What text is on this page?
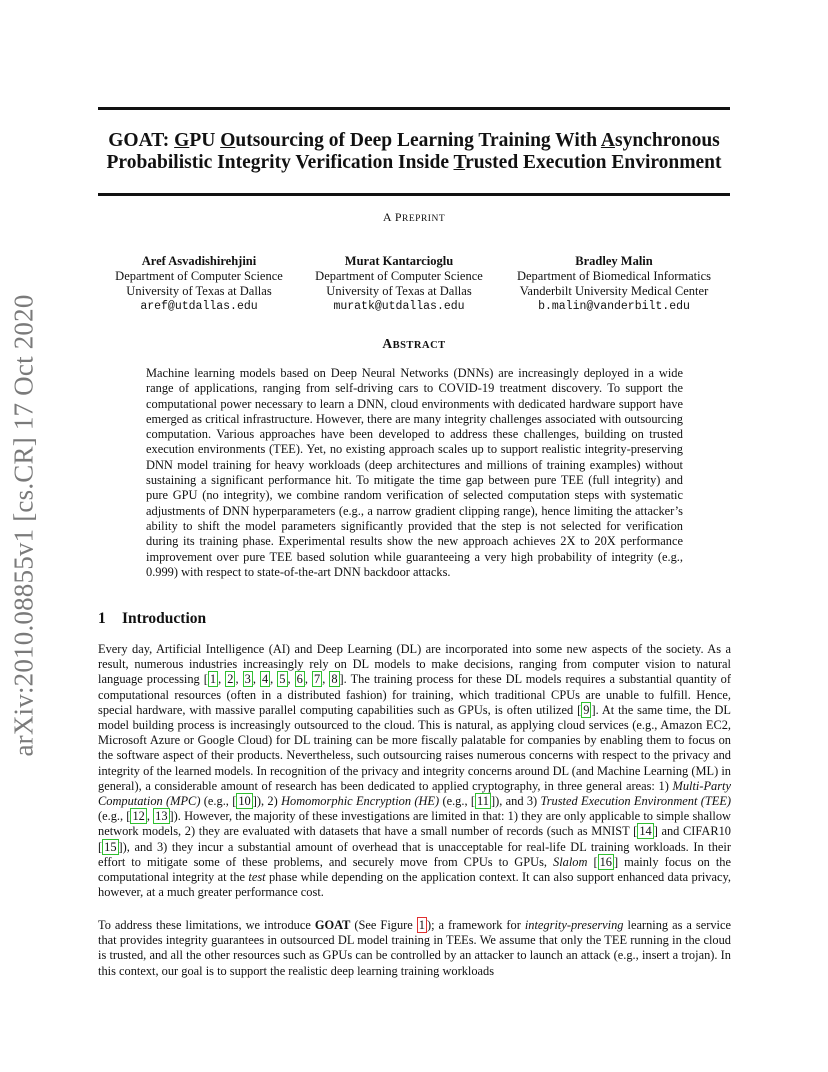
arXiv:2010.08855v1 [cs.CR] 17 Oct 2020
GOAT: GPU Outsourcing of Deep Learning Training With Asynchronous
Probabilistic Integrity Verification Inside Trusted Execution Environment
A PREPRINT
Aref Asvadishirehjini
Department of Computer Science
University of Texas at Dallas
aref@utdallas.edu
Murat Kantarcioglu
Department of Computer Science
University of Texas at Dallas
muratk@utdallas.edu
Bradley Malin
Department of Biomedical Informatics
Vanderbilt University Medical Center
b.malin@vanderbilt.edu
ABSTRACT
Machine learning models based on Deep Neural Networks (DNNs) are increasingly deployed in a wide range of applications, ranging from self-driving cars to COVID-19 treatment discovery. To support the computational power necessary to learn a DNN, cloud environments with dedicated hardware support have emerged as critical infrastructure. However, there are many integrity challenges associated with outsourcing computation. Various approaches have been developed to address these challenges, building on trusted execution environments (TEE). Yet, no existing approach scales up to support realistic integrity-preserving DNN model training for heavy workloads (deep architectures and millions of training examples) without sustaining a significant performance hit. To mitigate the time gap between pure TEE (full integrity) and pure GPU (no integrity), we combine random verification of selected computation steps with systematic adjustments of DNN hyperparameters (e.g., a narrow gradient clipping range), hence limiting the attacker’s ability to shift the model parameters significantly provided that the step is not selected for verification during its training phase. Experimental results show the new approach achieves 2X to 20X performance improvement over pure TEE based solution while guaranteeing a very high probability of integrity (e.g., 0.999) with respect to state-of-the-art DNN backdoor attacks.
1 Introduction
Every day, Artificial Intelligence (AI) and Deep Learning (DL) are incorporated into some new aspects of the society. As a result, numerous industries increasingly rely on DL models to make decisions, ranging from computer vision to natural language processing [ 1 , 2 , 3 , 4 , 5 , 6 , 7 , 8 ]. The training process for these DL models requires a substantial quantity of computational resources (often in a distributed fashion) for training, which traditional CPUs are unable to fulfill. Hence, special hardware, with massive parallel computing capabilities such as GPUs, is often utilized [ 9 ]. At the same time, the DL model building process is increasingly outsourced to the cloud. This is natural, as applying cloud services (e.g., Amazon EC2, Microsoft Azure or Google Cloud) for DL training can be more fiscally palatable for companies by enabling them to focus on the software aspect of their products. Nevertheless, such outsourcing raises numerous concerns with respect to the privacy and integrity of the learned models. In recognition of the privacy and integrity concerns around DL (and Machine Learning (ML) in general), a considerable amount of research has been dedicated to applied cryptography, in three general areas: 1) Multi-Party Computation (MPC) (e.g., [ 10 ]), 2) Homomorphic Encryption (HE) (e.g., [ 11 ]), and 3) Trusted Execution Environment (TEE) (e.g., [ 12 , 13 ]). However, the majority of these investigations are limited in that: 1) they are only applicable to simple shallow network models, 2) they are evaluated with datasets that have a small number of records (such as MNIST [ 14 ] and CIFAR10 [ 15 ]), and 3) they incur a substantial amount of overhead that is unacceptable for real-life DL training workloads. In their effort to mitigate some of these problems, and securely move from CPUs to GPUs, Slalom [ 16 ] mainly focus on the computational integrity at the test phase while depending on the application context. It can also support enhanced data privacy, however, at a much greater performance cost.
To address these limitations, we introduce GOAT (See Figure 1 ); a framework for integrity-preserving learning as a service that provides integrity guarantees in outsourced DL model training in TEEs. We assume that only the TEE running in the cloud is trusted, and all the other resources such as GPUs can be controlled by an attacker to launch an attack (e.g., insert a trojan). In this context, our goal is to support the realistic deep learning training workloads
